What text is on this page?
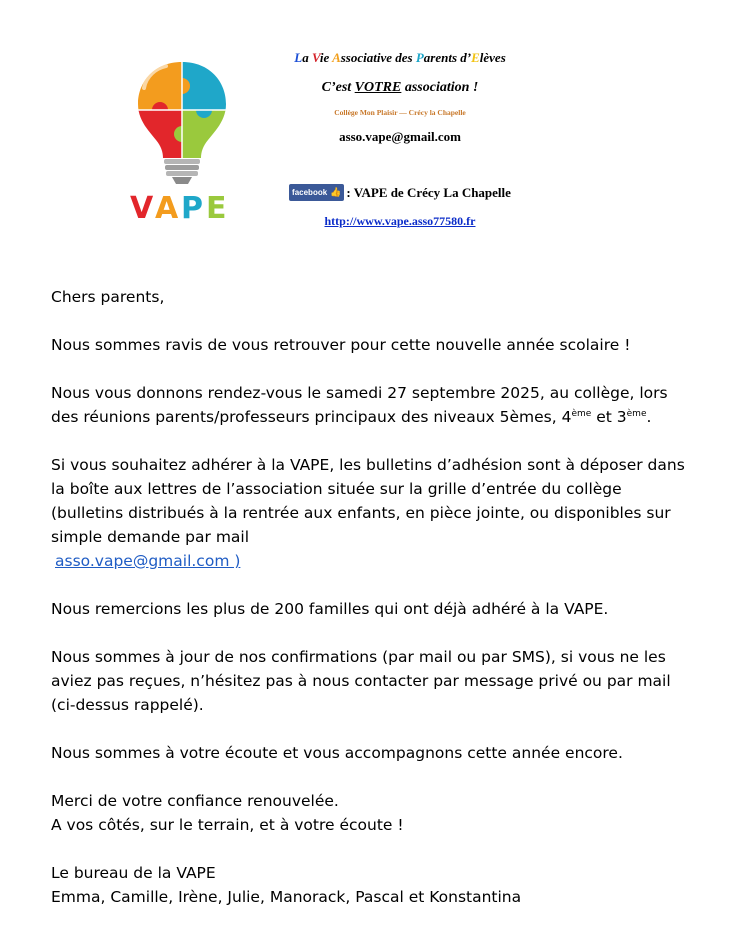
V A P E
La Vie Associative des Parents d’Elèves
C’est VOTRE association !
Collège Mon Plaisir — Crécy la Chapelle
asso.vape@gmail.com
facebook 👍 : VAPE de Crécy La Chapelle
http://www.vape.asso77580.fr

Chers parents,

Nous sommes ravis de vous retrouver pour cette nouvelle année scolaire !

Nous vous donnons rendez-vous le samedi 27 septembre 2025, au collège, lors

des réunions parents/professeurs principaux des niveaux 5èmes, 4ème et 3ème.

Si vous souhaitez adhérer à la VAPE, les bulletins d’adhésion sont à déposer dans

la boîte aux lettres de l’association située sur la grille d’entrée du collège

(bulletins distribués à la rentrée aux enfants, en pièce jointe, ou disponibles sur

simple demande par mail

asso.vape@gmail.com )

Nous remercions les plus de 200 familles qui ont déjà adhéré à la VAPE.

Nous sommes à jour de nos confirmations (par mail ou par SMS), si vous ne les

aviez pas reçues, n’hésitez pas à nous contacter par message privé ou par mail

(ci-dessus rappelé).

Nous sommes à votre écoute et vous accompagnons cette année encore.

Merci de votre confiance renouvelée.

A vos côtés, sur le terrain, et à votre écoute !

Le bureau de la VAPE

Emma, Camille, Irène, Julie, Manorack, Pascal et Konstantina
